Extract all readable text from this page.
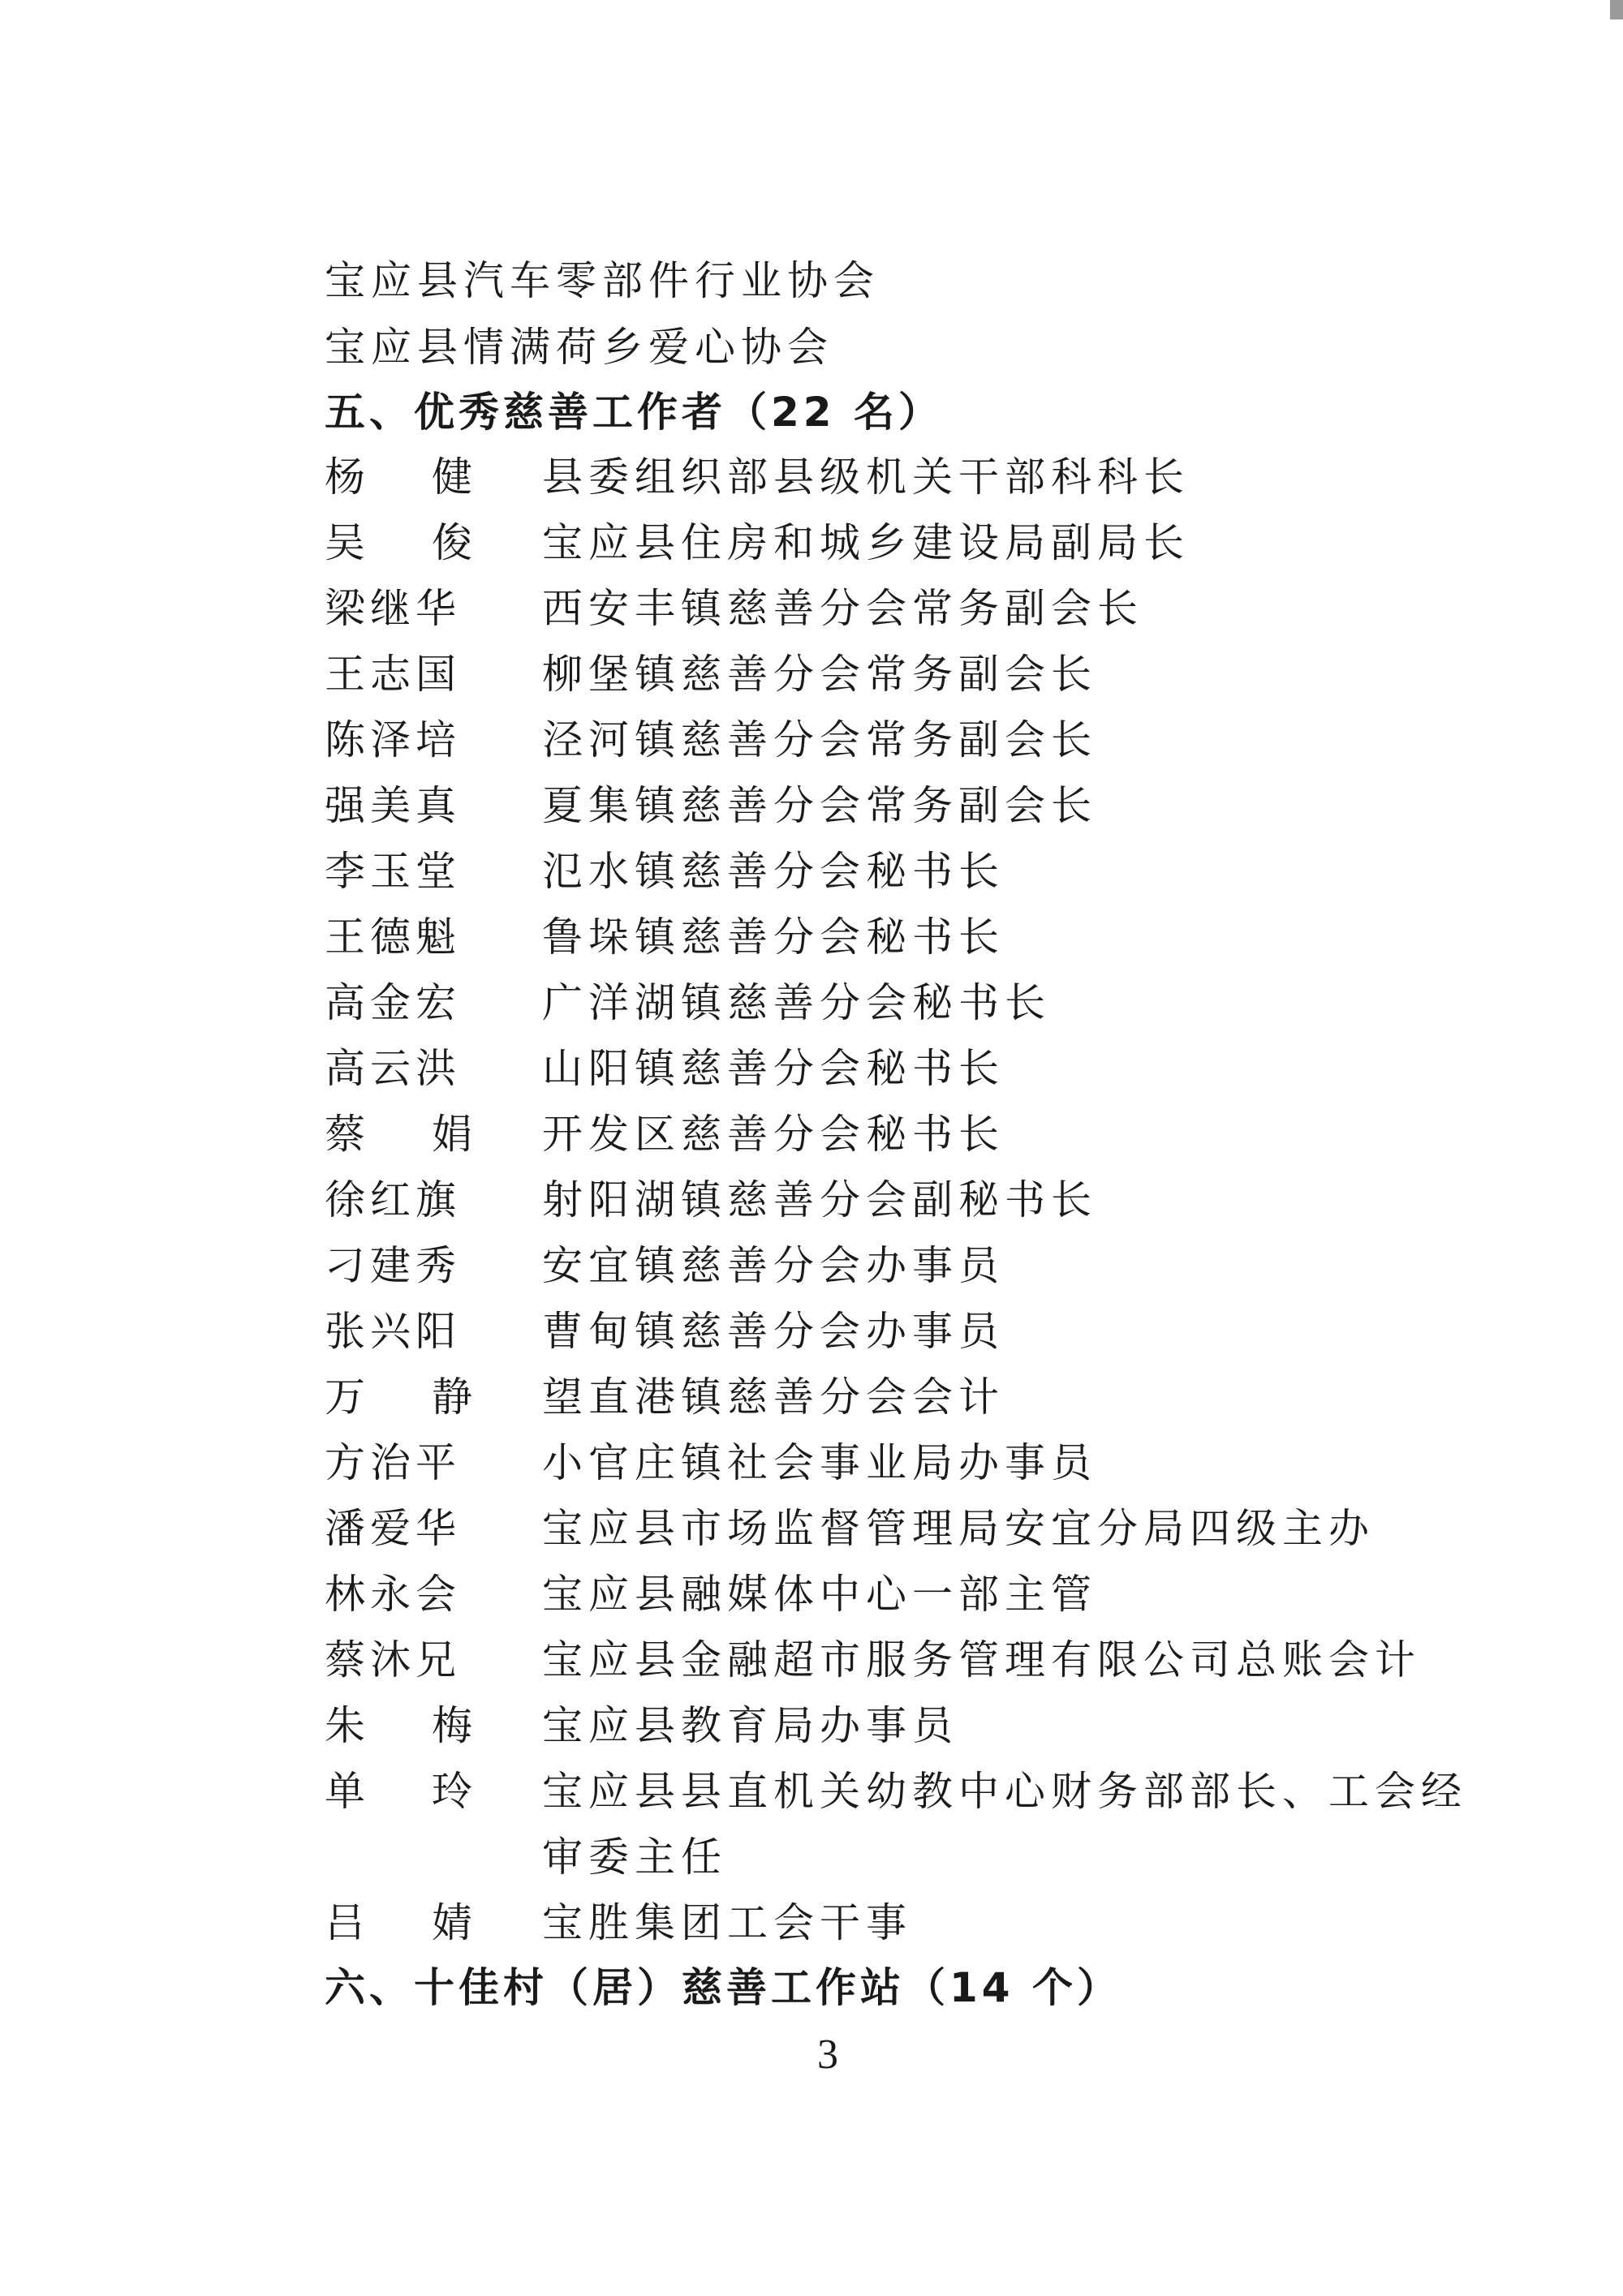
宝应县汽车零部件行业协会
宝应县情满荷乡爱心协会
五、优秀慈善工作者（22 名）
杨健 县委组织部县级机关干部科科长
吴俊 宝应县住房和城乡建设局副局长
梁继华 西安丰镇慈善分会常务副会长
王志国 柳堡镇慈善分会常务副会长
陈泽培 泾河镇慈善分会常务副会长
强美真 夏集镇慈善分会常务副会长
李玉堂 氾水镇慈善分会秘书长
王德魁 鲁垛镇慈善分会秘书长
高金宏 广洋湖镇慈善分会秘书长
高云洪 山阳镇慈善分会秘书长
蔡娟 开发区慈善分会秘书长
徐红旗 射阳湖镇慈善分会副秘书长
刁建秀 安宜镇慈善分会办事员
张兴阳 曹甸镇慈善分会办事员
万静 望直港镇慈善分会会计
方治平 小官庄镇社会事业局办事员
潘爱华 宝应县市场监督管理局安宜分局四级主办
林永会 宝应县融媒体中心一部主管
蔡沐兄 宝应县金融超市服务管理有限公司总账会计
朱梅 宝应县教育局办事员
单玲 宝应县县直机关幼教中心财务部部长、工会经
审委主任
吕婧 宝胜集团工会干事
六、十佳村（居）慈善工作站（14 个）
3
